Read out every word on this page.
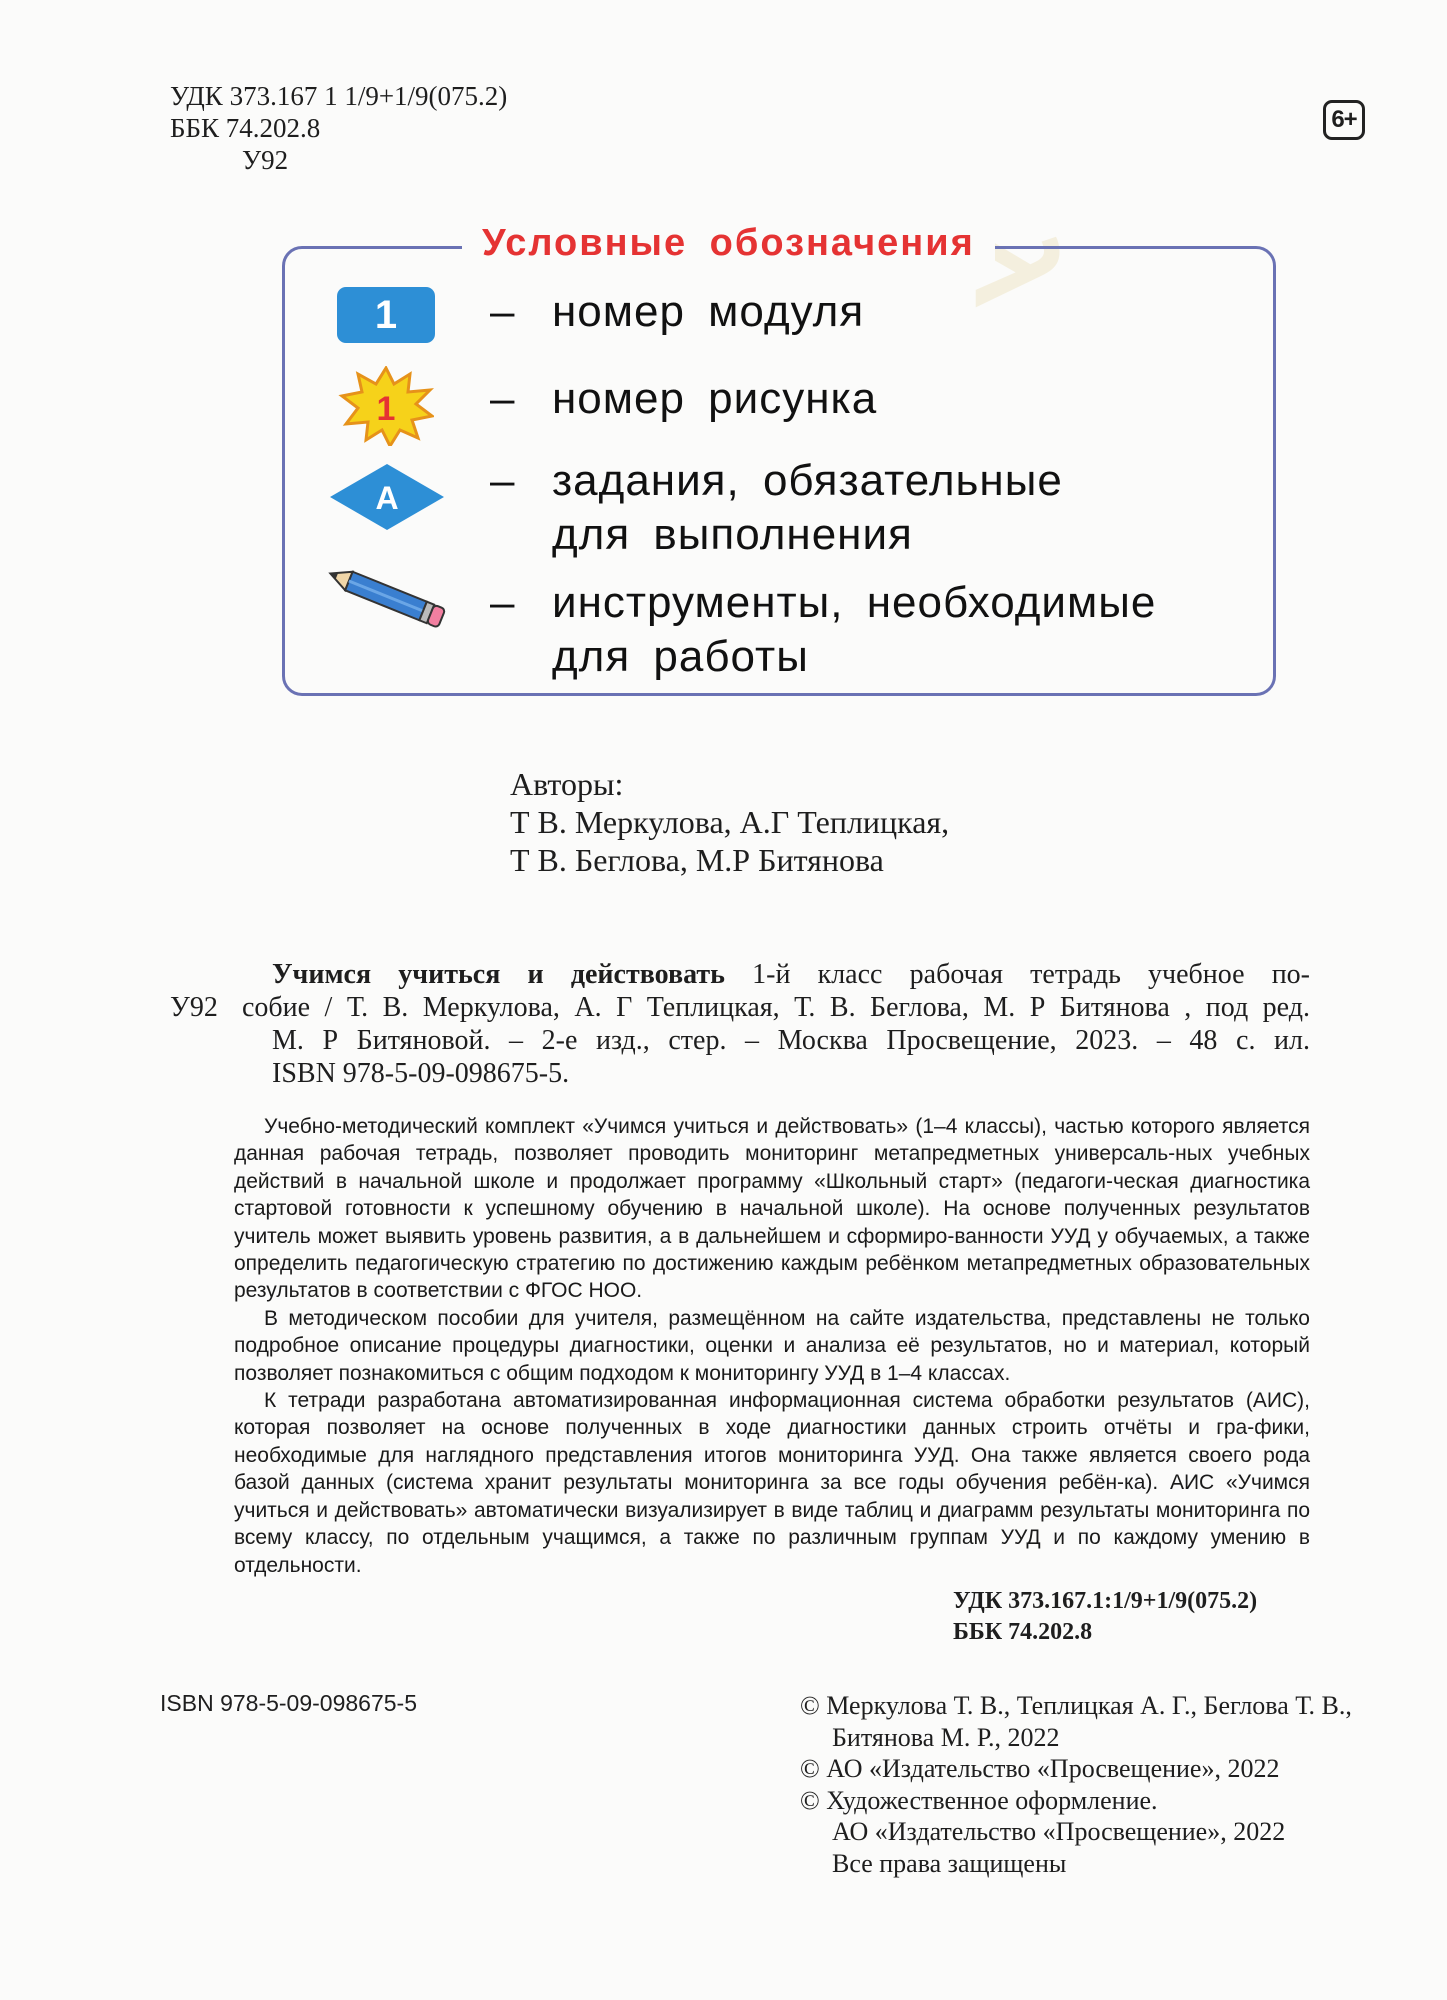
У
УДК 373.167 1 1/9+1/9(075.2)
ББК 74.202.8
У92
6+
Условные обозначения
1
1
А
– номер модуля
– номер рисунка
– задания, обязательные
для выполнения
– инструменты, необходимые
для работы
Авторы:
Т В. Меркулова, А.Г Теплицкая,
Т В. Беглова, М.Р Битянова
Учимся учиться и действовать 1-й класс рабочая тетрадь учебное по-
У92 собие / Т. В. Меркулова, А. Г Теплицкая, Т. В. Беглова, М. Р Битянова , под ред.
М. Р Битяновой. – 2-е изд., стер. – Москва Просвещение, 2023. – 48 с. ил.
ISBN 978-5-09-098675-5.

Учебно-методический комплект «Учимся учиться и действовать» (1–4 классы), частью которого является данная рабочая тетрадь, позволяет проводить мониторинг метапредметных универсаль-ных учебных действий в начальной школе и продолжает программу «Школьный старт» (педагоги-ческая диагностика стартовой готовности к успешному обучению в начальной школе). На основе полученных результатов учитель может выявить уровень развития, а в дальнейшем и сформиро-ванности УУД у обучаемых, а также определить педагогическую стратегию по достижению каждым ребёнком метапредметных образовательных результатов в соответствии с ФГОС НОО.

В методическом пособии для учителя, размещённом на сайте издательства, представлены не только подробное описание процедуры диагностики, оценки и анализа её результатов, но и материал, который позволяет познакомиться с общим подходом к мониторингу УУД в 1–4 классах.

К тетради разработана автоматизированная информационная система обработки результатов (АИС), которая позволяет на основе полученных в ходе диагностики данных строить отчёты и гра-фики, необходимые для наглядного представления итогов мониторинга УУД. Она также является своего рода базой данных (система хранит результаты мониторинга за все годы обучения ребён-ка). АИС «Учимся учиться и действовать» автоматически визуализирует в виде таблиц и диаграмм результаты мониторинга по всему классу, по отдельным учащимся, а также по различным группам УУД и по каждому умению в отдельности.

УДК 373.167.1:1/9+1/9(075.2)
ББК 74.202.8
ISBN 978-5-09-098675-5	© Меркулова Т. В., Теплицкая А. Г., Беглова Т. В.,
Битянова М. Р., 2022
© АО «Издательство «Просвещение», 2022
© Художественное оформление.
АО «Издательство «Просвещение», 2022
Все права защищены
